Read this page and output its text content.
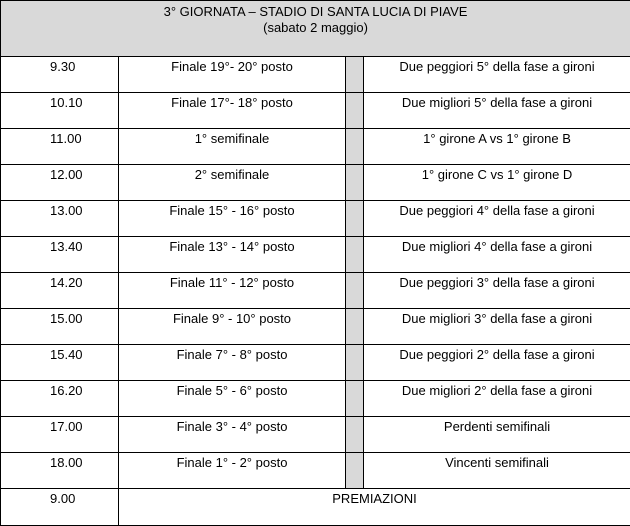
3° GIORNATA – STADIO DI SANTA LUCIA DI PIAVE
(sabato 2 maggio)			

9.30	Finale 19°- 20° posto		Due peggiori 5° della fase a gironi
10.10	Finale 17°- 18° posto		Due migliori 5° della fase a gironi
11.00	1° semifinale		1° girone A vs 1° girone B
12.00	2° semifinale		1° girone C vs 1° girone D
13.00	Finale 15° - 16° posto		Due peggiori 4° della fase a gironi
13.40	Finale 13° - 14° posto		Due migliori 4° della fase a gironi
14.20	Finale 11° - 12° posto		Due peggiori 3° della fase a gironi
15.00	Finale 9° - 10° posto		Due migliori 3° della fase a gironi
15.40	Finale 7° - 8° posto		Due peggiori 2° della fase a gironi
16.20	Finale 5° - 6° posto		Due migliori 2° della fase a gironi
17.00	Finale 3° - 4° posto		Perdenti semifinali
18.00	Finale 1° - 2° posto		Vincenti semifinali
9.00	PREMIAZIONI		
